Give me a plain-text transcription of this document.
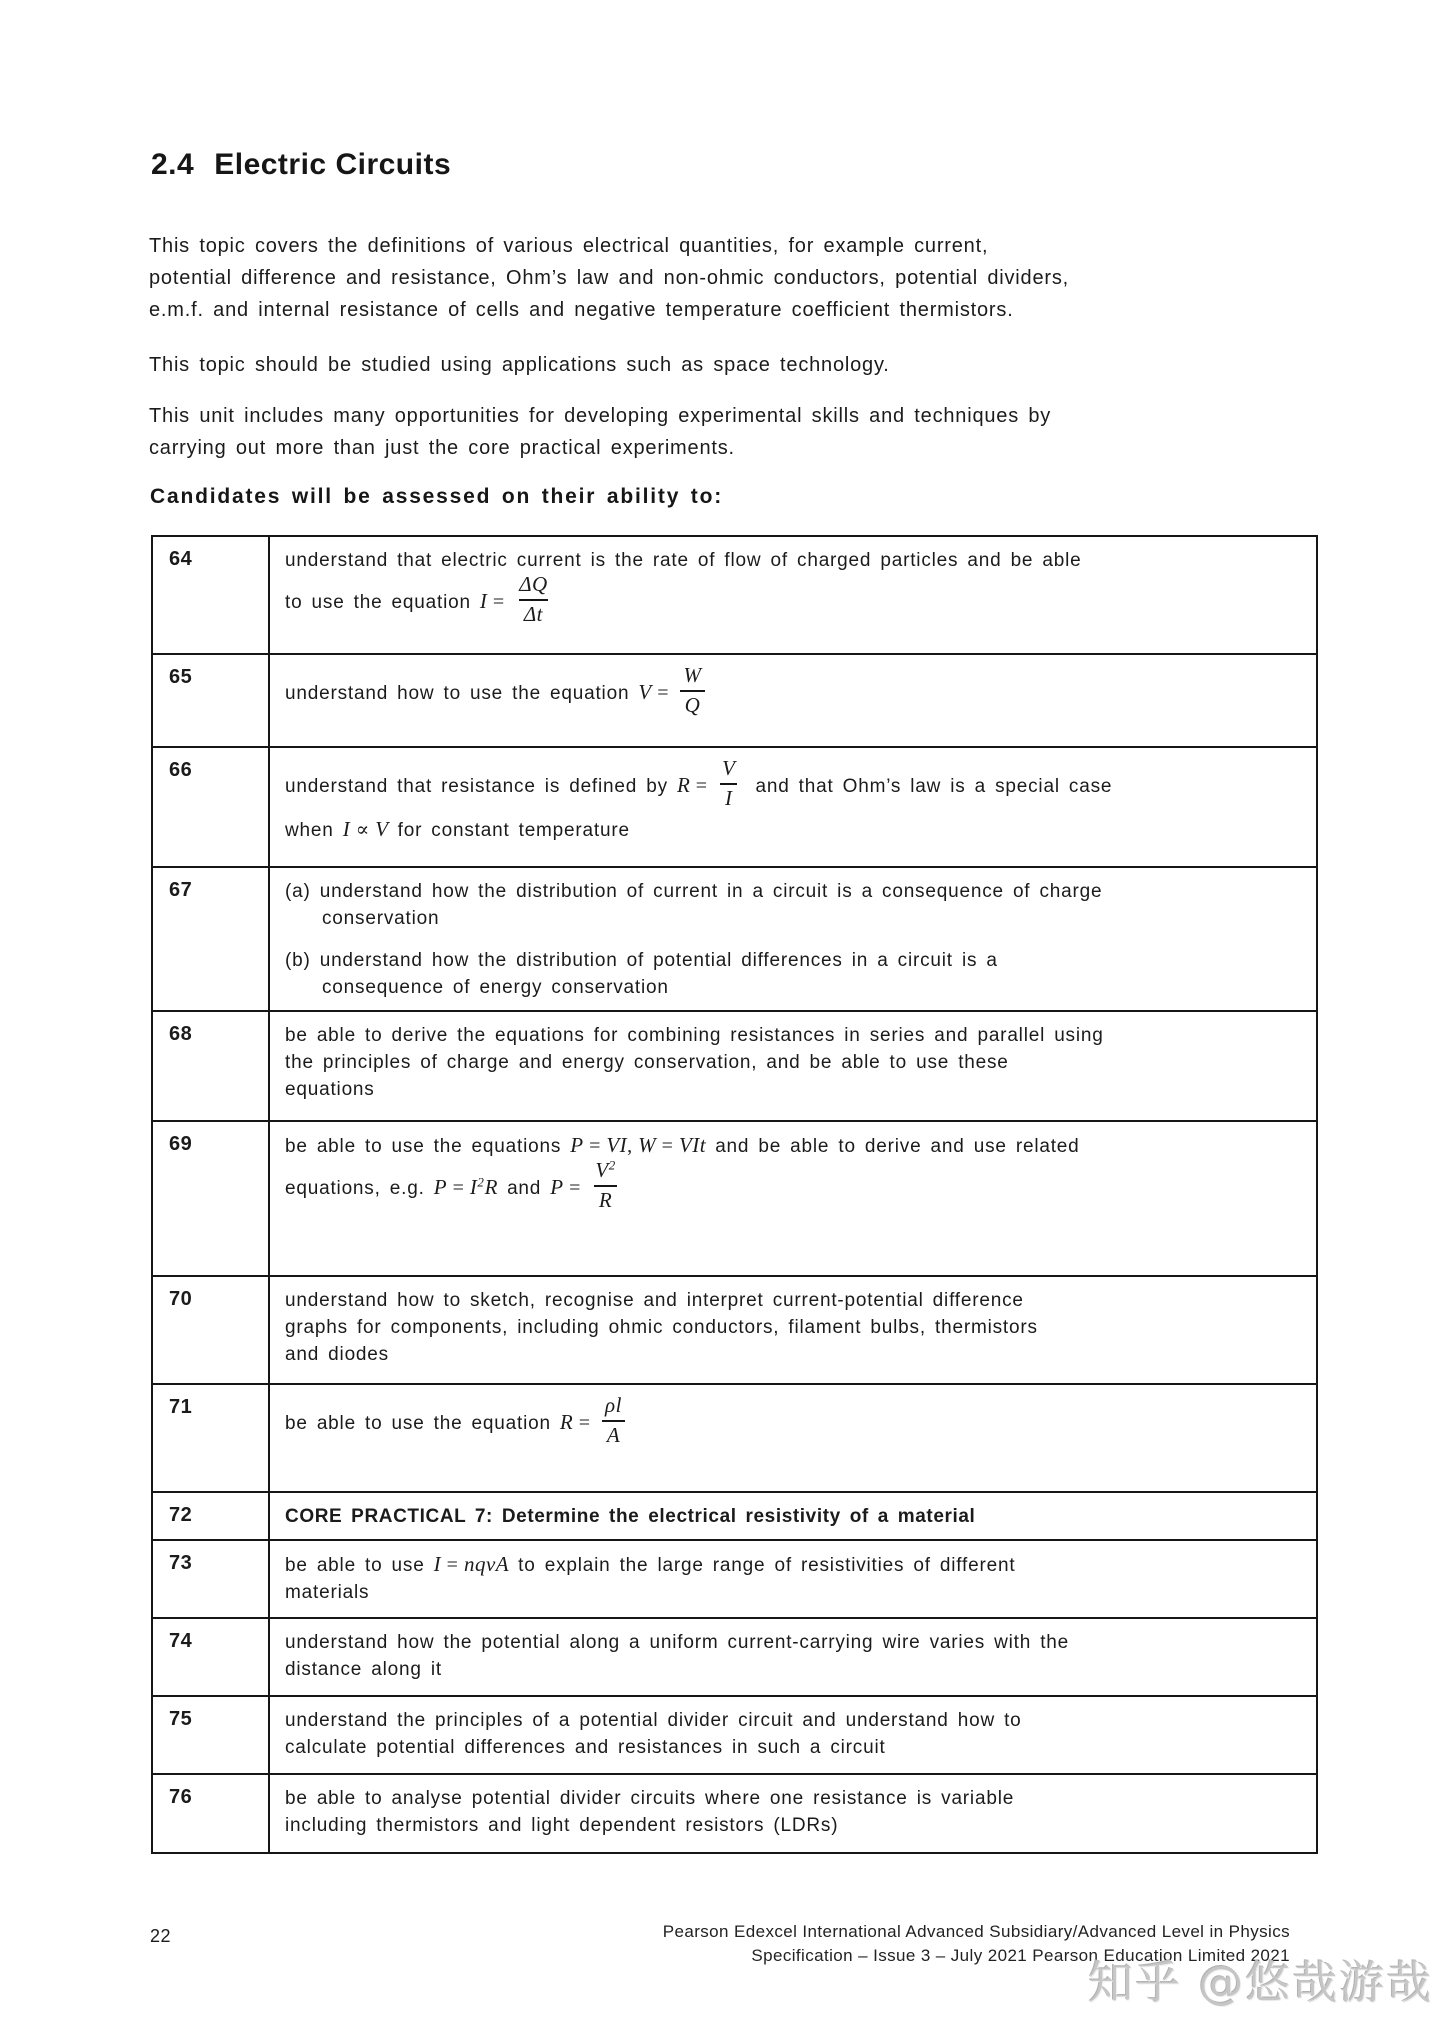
2.4 Electric Circuits

This topic covers the definitions of various electrical quantities, for example current,
potential difference and resistance, Ohm’s law and non-ohmic conductors, potential dividers,
e.m.f. and internal resistance of cells and negative temperature coefficient thermistors.

This topic should be studied using applications such as space technology.

This unit includes many opportunities for developing experimental skills and techniques by
carrying out more than just the core practical experiments.

Candidates will be assessed on their ability to:
64	understand that electric current is the rate of flow of charged particles and be able
to use the equation $I = \frac{\Delta Q}{\Delta t}$

65	understand how to use the equation $V = \frac{W}{Q}$

66	understand that resistance is defined by $R = \frac{V}{I}$ and that Ohm’s law is a special case
when I ∝ V for constant temperature
67	(a) understand how the distribution of current in a circuit is a consequence of charge
conservation
(b) understand how the distribution of potential differences in a circuit is a
consequence of energy conservation

68	be able to derive the equations for combining resistances in series and parallel using
the principles of charge and energy conservation, and be able to use these
equations
69	be able to use the equations P = VI, W = VIt and be able to derive and use related
equations, e.g. $P = I^2R$ and $P = \frac{V^2}{R}$

70	understand how to sketch, recognise and interpret current-potential difference
graphs for components, including ohmic conductors, filament bulbs, thermistors
and diodes
71	be able to use the equation $R = \frac{\rho l}{A}$

72	CORE PRACTICAL 7: Determine the electrical resistivity of a material
73	be able to use I = nqvA to explain the large range of resistivities of different
materials
74	understand how the potential along a uniform current-carrying wire varies with the
distance along it
75	understand the principles of a potential divider circuit and understand how to
calculate potential differences and resistances in such a circuit
76	be able to analyse potential divider circuits where one resistance is variable
including thermistors and light dependent resistors (LDRs)
22	Pearson Edexcel International Advanced Subsidiary/Advanced Level in Physics
Specification – Issue 3 – July 2021 Pearson Education Limited 2021
知乎 @悠哉游哉
